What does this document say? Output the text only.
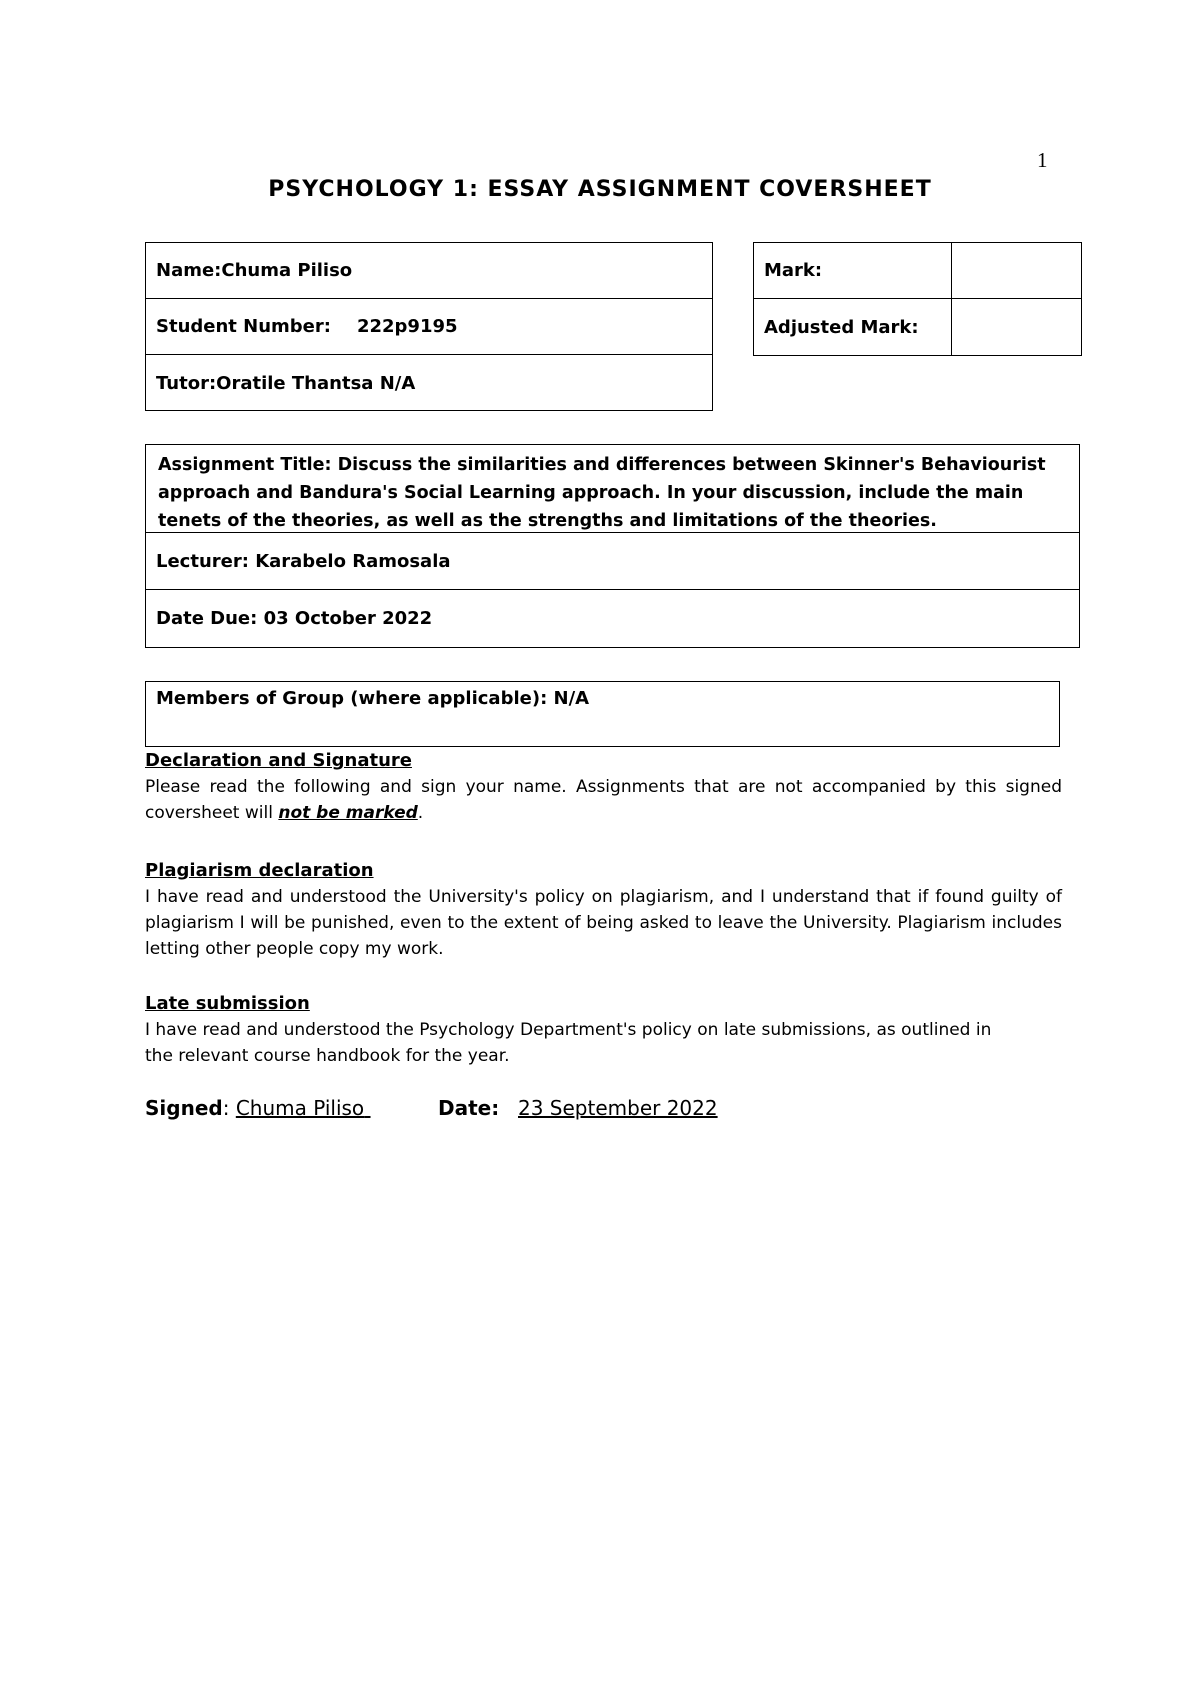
1
PSYCHOLOGY 1: ESSAY ASSIGNMENT COVERSHEET
Name:Chuma Piliso
Student Number: 222p9195
Tutor:Oratile Thantsa N/A
Mark:
Adjusted Mark:
Assignment Title: Discuss the similarities and differences between Skinner's Behaviourist approach and Bandura's Social Learning approach. In your discussion, include the main tenets of the theories, as well as the strengths and limitations of the theories.
Lecturer: Karabelo Ramosala
Date Due: 03 October 2022
Members of Group (where applicable): N/A
Declaration and Signature
Please read the following and sign your name. Assignments that are not accompanied by this signed coversheet will not be marked.
Plagiarism declaration
I have read and understood the University's policy on plagiarism, and I understand that if found guilty of plagiarism I will be punished, even to the extent of being asked to leave the University. Plagiarism includes letting other people copy my work.
Late submission
I have read and understood the Psychology Department's policy on late submissions, as outlined in the relevant course handbook for the year.
Signed: Chuma Piliso	Date: 23 September 2022
